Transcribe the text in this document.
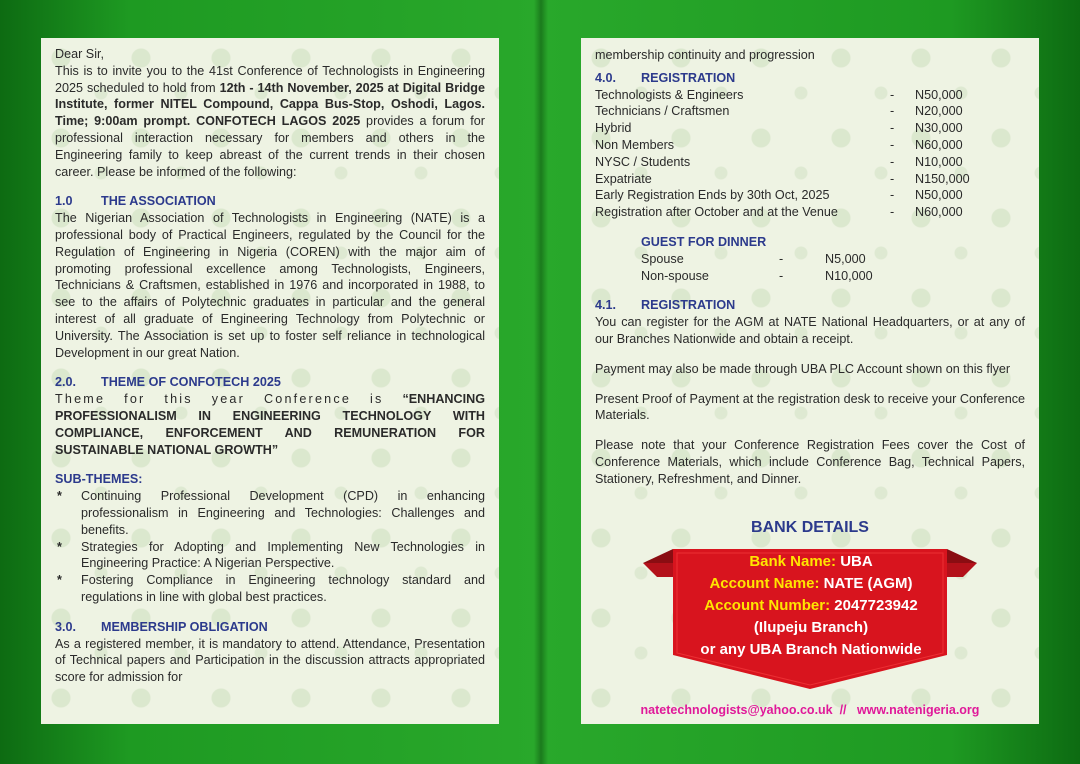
Dear Sir,

This is to invite you to the 41st Conference of Technologists in Engineering 2025 scheduled to hold from 12th - 14th November, 2025 at Digital Bridge Institute, former NITEL Compound, Cappa Bus-Stop, Oshodi, Lagos. Time; 9:00am prompt. CONFOTECH LAGOS 2025 provides a forum for professional interaction necessary for members and others in the Engineering family to keep abreast of the current trends in their chosen career. Please be informed of the following:

1.0 THE ASSOCIATION

The Nigerian Association of Technologists in Engineering (NATE) is a professional body of Practical Engineers, regulated by the Council for the Regulation of Engineering in Nigeria (COREN) with the major aim of promoting professional excellence among Technologists, Engineers, Technicians & Craftsmen, established in 1976 and incorporated in 1988, to see to the affairs of Polytechnic graduates in particular and the general interest of all graduate of Engineering Technology from Polytechnic or University. The Association is set up to foster self reliance in technological Development in our great Nation.

2.0. THEME OF CONFOTECH 2025

Theme for this year Conference is “ENHANCING PROFESSIONALISM IN ENGINEERING TECHNOLOGY WITH COMPLIANCE, ENFORCEMENT AND REMUNERATION FOR SUSTAINABLE NATIONAL GROWTH”

SUB-THEMES:

* Continuing Professional Development (CPD) in enhancing professionalism in Engineering and Technologies: Challenges and benefits.
* Strategies for Adopting and Implementing New Technologies in Engineering Practice: A Nigerian Perspective.
* Fostering Compliance in Engineering technology standard and regulations in line with global best practices.

3.0. MEMBERSHIP OBLIGATION

As a registered member, it is mandatory to attend. Attendance, Presentation of Technical papers and Participation in the discussion attracts appropriated score for admission for

membership continuity and progression

4.0. REGISTRATION

Technologists & Engineers	-	N50,000
Technicians / Craftsmen	-	N20,000
Hybrid	-	N30,000
Non Members	-	N60,000
NYSC / Students	-	N10,000
Expatriate	-	N150,000
Early Registration Ends by 30th Oct, 2025	-	N50,000
Registration after October and at the Venue	-	N60,000

GUEST FOR DINNER

Spouse	-	N5,000
Non-spouse	-	N10,000

4.1. REGISTRATION

You can register for the AGM at NATE National Headquarters, or at any of our Branches Nationwide and obtain a receipt.

Payment may also be made through UBA PLC Account shown on this flyer

Present Proof of Payment at the registration desk to receive your Conference Materials.

Please note that your Conference Registration Fees cover the Cost of Conference Materials, which include Conference Bag, Technical Papers, Stationery, Refreshment, and Dinner.

BANK DETAILS
Bank Name: UBA
Account Name: NATE (AGM)
Account Number: 2047723942
(Ilupeju Branch)
or any UBA Branch Nationwide
natetechnologists@yahoo.co.uk // www.natenigeria.org
